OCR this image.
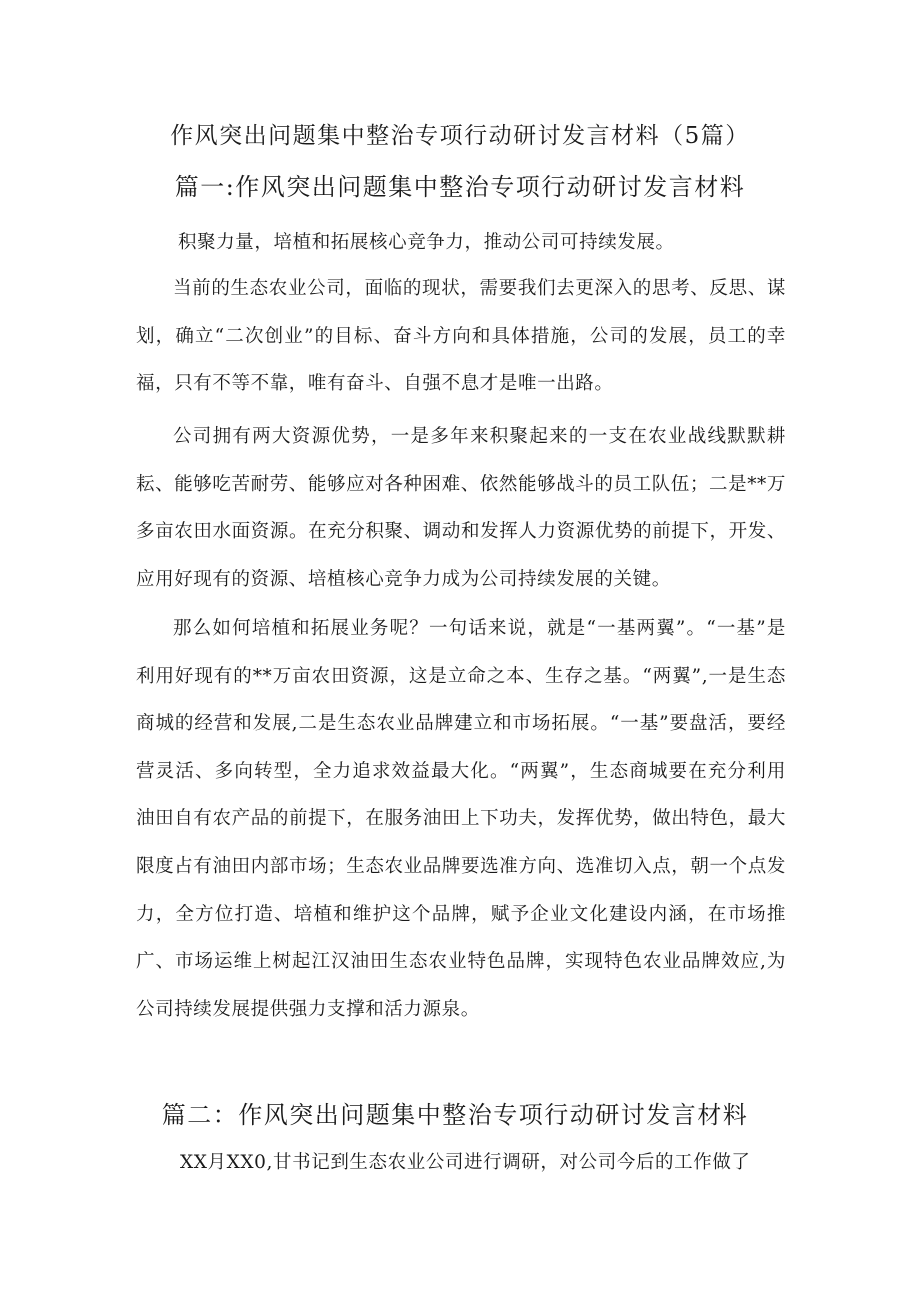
作风突出问题集中整治专项行动研讨发言材料（5篇）
篇一:作风突出问题集中整治专项行动研讨发言材料
积聚力量，培植和拓展核心竞争力，推动公司可持续发展。
当前的生态农业公司，面临的现状，需要我们去更深入的思考、反思、谋划，确立“二次创业”的目标、奋斗方向和具体措施，公司的发展，员工的幸福，只有不等不靠，唯有奋斗、自强不息才是唯一出路。
公司拥有两大资源优势，一是多年来积聚起来的一支在农业战线默默耕耘、能够吃苦耐劳、能够应对各种困难、依然能够战斗的员工队伍；二是**万多亩农田水面资源。在充分积聚、调动和发挥人力资源优势的前提下，开发、应用好现有的资源、培植核心竞争力成为公司持续发展的关键。
那么如何培植和拓展业务呢？一句话来说，就是“一基两翼”。“一基”是利用好现有的**万亩农田资源，这是立命之本、生存之基。“两翼”,一是生态商城的经营和发展,二是生态农业品牌建立和市场拓展。“一基”要盘活，要经营灵活、多向转型，全力追求效益最大化。“两翼”，生态商城要在充分利用油田自有农产品的前提下，在服务油田上下功夫，发挥优势，做出特色，最大限度占有油田内部市场；生态农业品牌要选准方向、选准切入点，朝一个点发力，全方位打造、培植和维护这个品牌，赋予企业文化建设内涵，在市场推广、市场运维上树起江汉油田生态农业特色品牌，实现特色农业品牌效应,为公司持续发展提供强力支撑和活力源泉。
篇二：作风突出问题集中整治专项行动研讨发言材料
XX月XX0,甘书记到生态农业公司进行调研，对公司今后的工作做了
